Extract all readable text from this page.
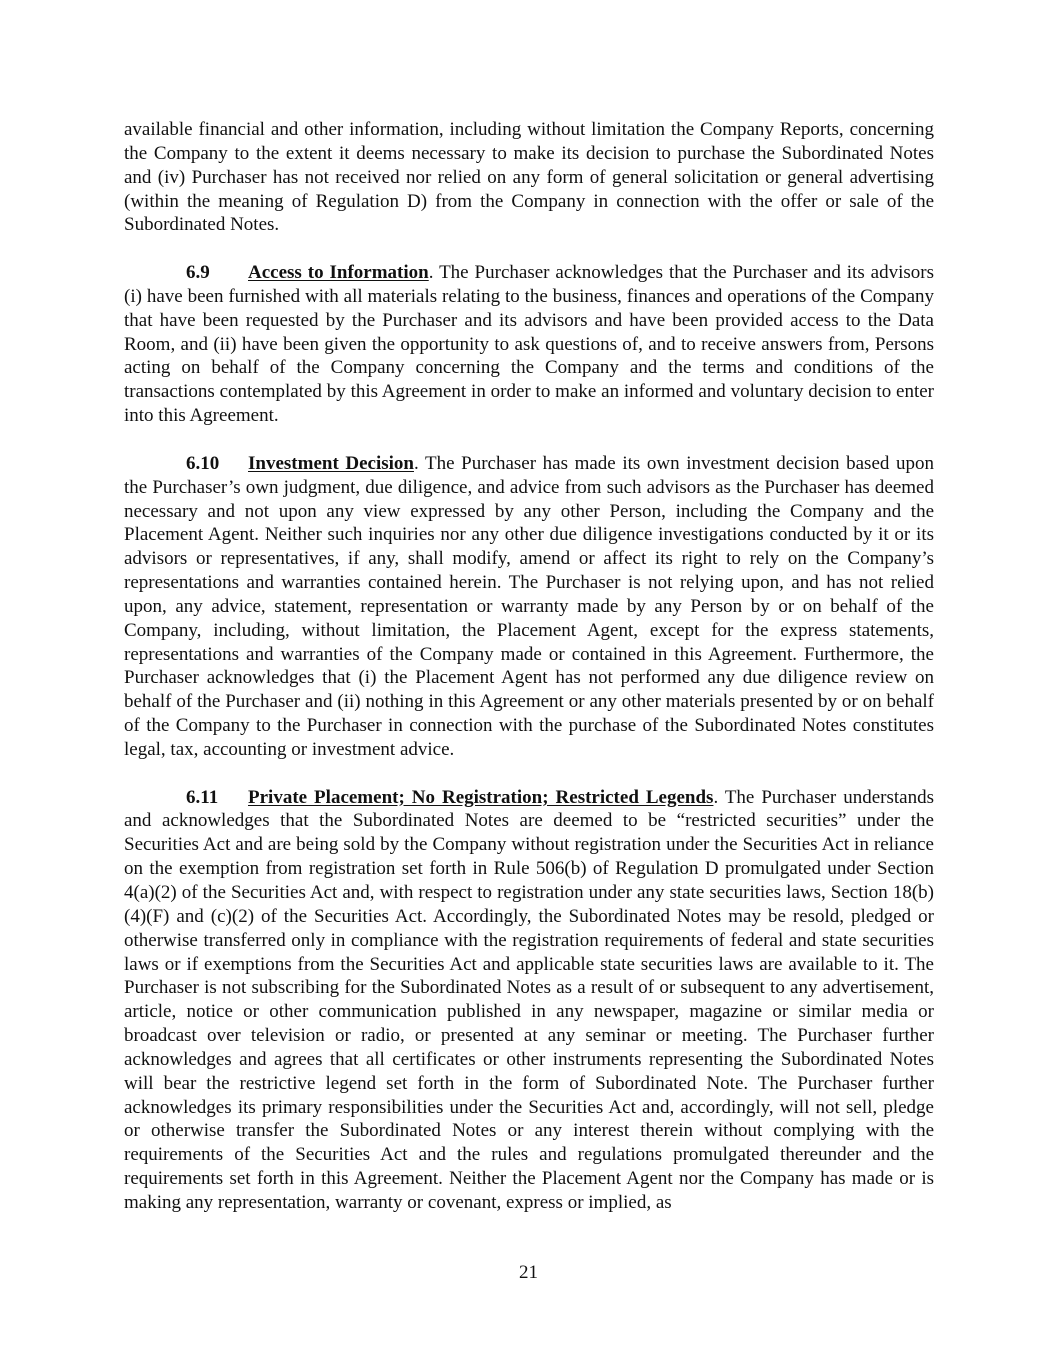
available financial and other information, including without limitation the Company Reports, concerning the Company to the extent it deems necessary to make its decision to purchase the Subordinated Notes and (iv) Purchaser has not received nor relied on any form of general solicitation or general advertising (within the meaning of Regulation D) from the Company in connection with the offer or sale of the Subordinated Notes.

6.9 Access to Information. The Purchaser acknowledges that the Purchaser and its advisors (i) have been furnished with all materials relating to the business, finances and operations of the Company that have been requested by the Purchaser and its advisors and have been provided access to the Data Room, and (ii) have been given the opportunity to ask questions of, and to receive answers from, Persons acting on behalf of the Company concerning the Company and the terms and conditions of the transactions contemplated by this Agreement in order to make an informed and voluntary decision to enter into this Agreement.

6.10 Investment Decision. The Purchaser has made its own investment decision based upon the Purchaser’s own judgment, due diligence, and advice from such advisors as the Purchaser has deemed necessary and not upon any view expressed by any other Person, including the Company and the Placement Agent. Neither such inquiries nor any other due diligence investigations conducted by it or its advisors or representatives, if any, shall modify, amend or affect its right to rely on the Company’s representations and warranties contained herein. The Purchaser is not relying upon, and has not relied upon, any advice, statement, representation or warranty made by any Person by or on behalf of the Company, including, without limitation, the Placement Agent, except for the express statements, representations and warranties of the Company made or contained in this Agreement. Furthermore, the Purchaser acknowledges that (i) the Placement Agent has not performed any due diligence review on behalf of the Purchaser and (ii) nothing in this Agreement or any other materials presented by or on behalf of the Company to the Purchaser in connection with the purchase of the Subordinated Notes constitutes legal, tax, accounting or investment advice.

6.11 Private Placement; No Registration; Restricted Legends. The Purchaser understands and acknowledges that the Subordinated Notes are deemed to be “restricted securities” under the Securities Act and are being sold by the Company without registration under the Securities Act in reliance on the exemption from registration set forth in Rule 506(b) of Regulation D promulgated under Section 4(a)(2) of the Securities Act and, with respect to registration under any state securities laws, Section 18(b) (4)(F) and (c)(2) of the Securities Act. Accordingly, the Subordinated Notes may be resold, pledged or otherwise transferred only in compliance with the registration requirements of federal and state securities laws or if exemptions from the Securities Act and applicable state securities laws are available to it. The Purchaser is not subscribing for the Subordinated Notes as a result of or subsequent to any advertisement, article, notice or other communication published in any newspaper, magazine or similar media or broadcast over television or radio, or presented at any seminar or meeting. The Purchaser further acknowledges and agrees that all certificates or other instruments representing the Subordinated Notes will bear the restrictive legend set forth in the form of Subordinated Note. The Purchaser further acknowledges its primary responsibilities under the Securities Act and, accordingly, will not sell, pledge or otherwise transfer the Subordinated Notes or any interest therein without complying with the requirements of the Securities Act and the rules and regulations promulgated thereunder and the requirements set forth in this Agreement. Neither the Placement Agent nor the Company has made or is making any representation, warranty or covenant, express or implied, as

21
